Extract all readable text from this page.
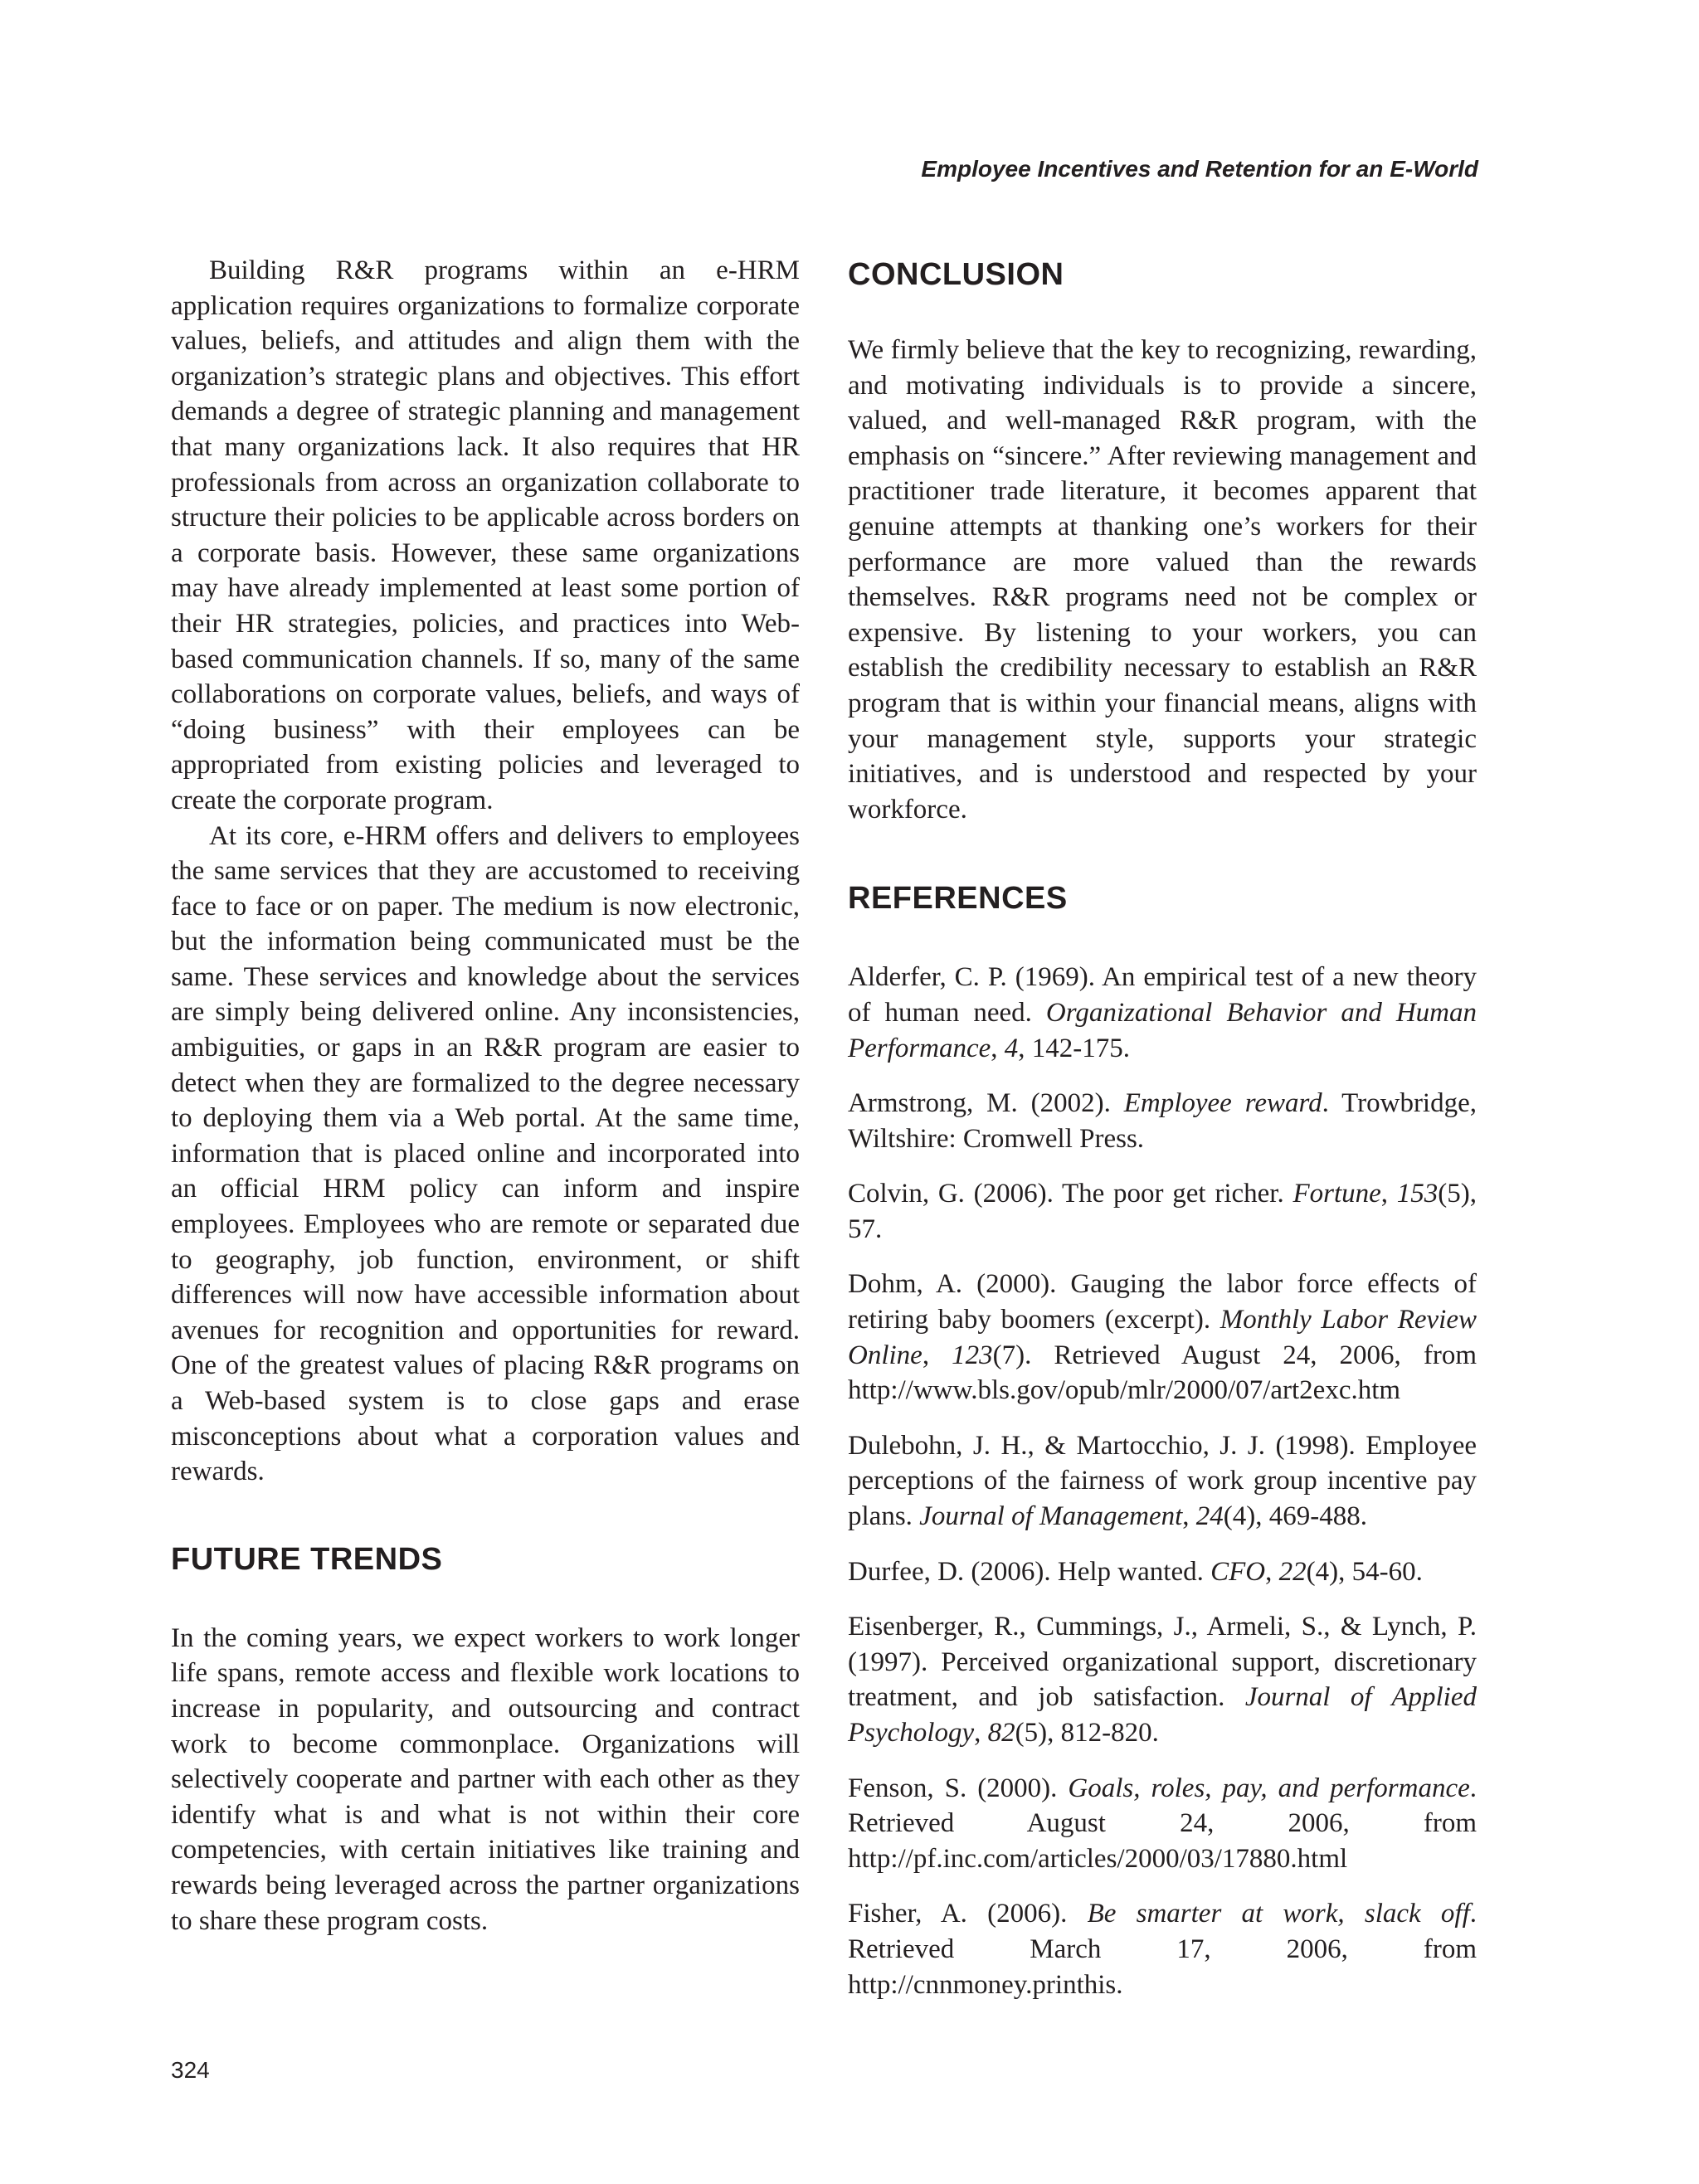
Employee Incentives and Retention for an E-World

Building R&R programs within an e-HRM application requires organizations to formalize corporate values, beliefs, and attitudes and align them with the organization’s strategic plans and objectives. This effort demands a degree of strategic planning and management that many organizations lack. It also requires that HR professionals from across an organization collaborate to structure their policies to be applicable across borders on a corporate basis. However, these same organizations may have already implemented at least some portion of their HR strategies, policies, and practices into Web-based communication channels. If so, many of the same collaborations on corporate values, beliefs, and ways of “doing business” with their employees can be appropriated from existing policies and leveraged to create the corporate program.

At its core, e-HRM offers and delivers to employees the same services that they are accustomed to receiving face to face or on paper. The medium is now electronic, but the information being communicated must be the same. These services and knowledge about the services are simply being delivered online. Any inconsistencies, ambiguities, or gaps in an R&R program are easier to detect when they are formalized to the degree necessary to deploying them via a Web portal. At the same time, information that is placed online and incorporated into an official HRM policy can inform and inspire employees. Employees who are remote or separated due to geography, job function, environment, or shift differences will now have accessible information about avenues for recognition and opportunities for reward. One of the greatest values of placing R&R programs on a Web-based system is to close gaps and erase misconceptions about what a corporation values and rewards.

FUTURE TRENDS

In the coming years, we expect workers to work longer life spans, remote access and flexible work locations to increase in popularity, and outsourcing and contract work to become commonplace. Organizations will selectively cooperate and partner with each other as they identify what is and what is not within their core competencies, with certain initiatives like training and rewards being leveraged across the partner organizations to share these program costs.

CONCLUSION

We firmly believe that the key to recognizing, rewarding, and motivating individuals is to provide a sincere, valued, and well-managed R&R program, with the emphasis on “sincere.” After reviewing management and practitioner trade literature, it becomes apparent that genuine attempts at thanking one’s workers for their performance are more valued than the rewards themselves. R&R programs need not be complex or expensive. By listening to your workers, you can establish the credibility necessary to establish an R&R program that is within your financial means, aligns with your management style, supports your strategic initiatives, and is understood and respected by your workforce.

REFERENCES

Alderfer, C. P. (1969). An empirical test of a new theory of human need. Organizational Behavior and Human Performance, 4, 142-175.

Armstrong, M. (2002). Employee reward. Trowbridge, Wiltshire: Cromwell Press.

Colvin, G. (2006). The poor get richer. Fortune, 153(5), 57.

Dohm, A. (2000). Gauging the labor force effects of retiring baby boomers (excerpt). Monthly Labor Review Online, 123(7). Retrieved August 24, 2006, from http://www.bls.gov/opub/mlr/2000/07/art2exc.htm

Dulebohn, J. H., & Martocchio, J. J. (1998). Employee perceptions of the fairness of work group incentive pay plans. Journal of Management, 24(4), 469-488.

Durfee, D. (2006). Help wanted. CFO, 22(4), 54-60.

Eisenberger, R., Cummings, J., Armeli, S., & Lynch, P. (1997). Perceived organizational support, discretionary treatment, and job satisfaction. Journal of Applied Psychology, 82(5), 812-820.

Fenson, S. (2000). Goals, roles, pay, and performance. Retrieved August 24, 2006, from http://pf.inc.com/articles/2000/03/17880.html

Fisher, A. (2006). Be smarter at work, slack off. Retrieved March 17, 2006, from http://cnnmoney.printhis.

324
